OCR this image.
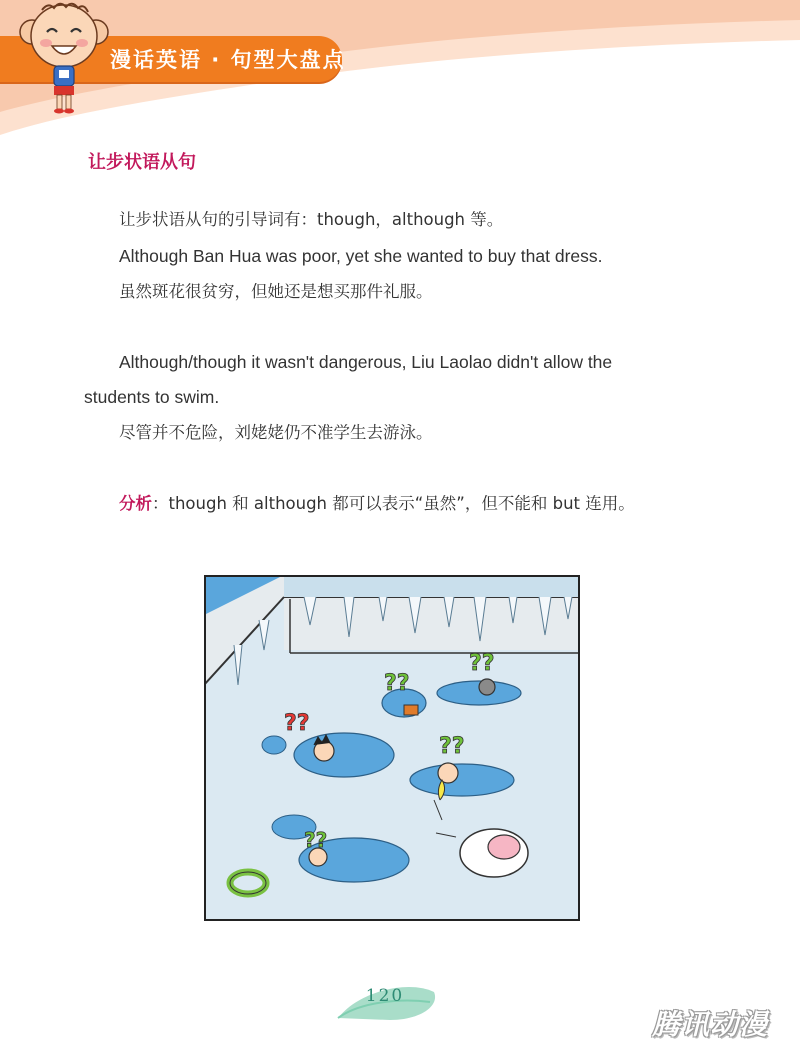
漫话英语 · 句型大盘点
让步状语从句
让步状语从句的引导词有：though，although 等。
Although Ban Hua was poor, yet she wanted to buy that dress.
虽然斑花很贫穷，但她还是想买那件礼服。
Although/though it wasn't dangerous, Liu Laolao didn't allow the
students to swim.
尽管并不危险，刘姥姥仍不准学生去游泳。
分析：though 和 although 都可以表示“虽然”，但不能和 but 连用。
??
??
??
??
??
120
腾讯动漫
